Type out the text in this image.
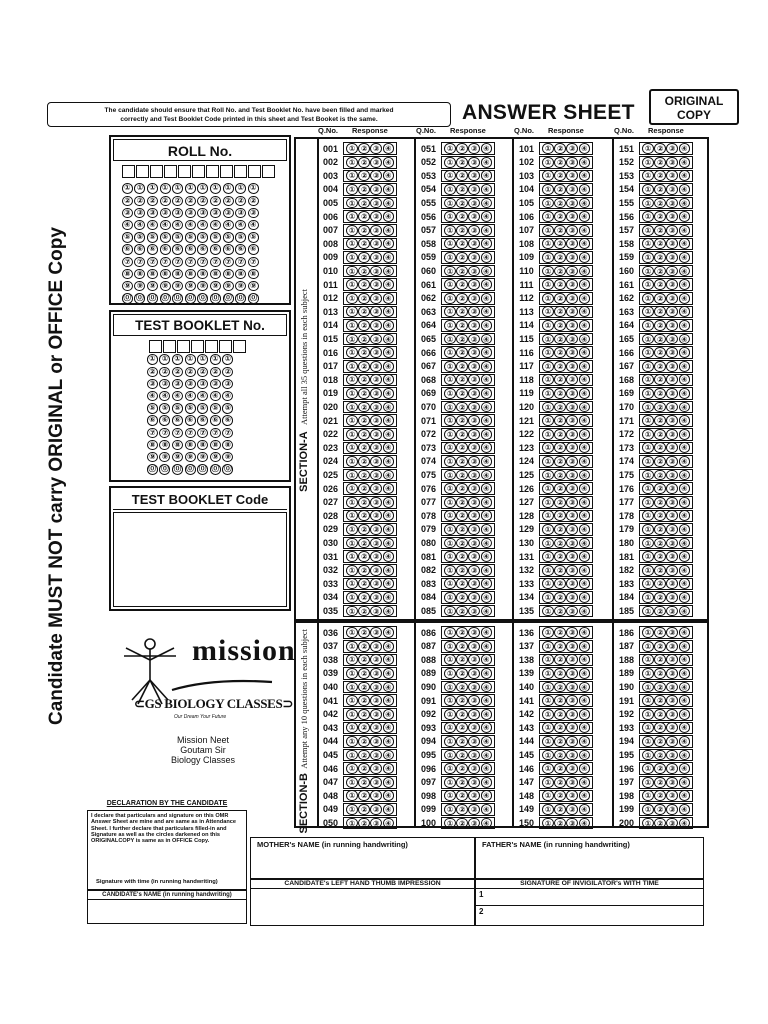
The candidate should ensure that Roll No. and Test Booklet No. have been filled and marked
correctly and Test Booklet Code printed in this sheet and Test Booket is the same.	ANSWER SHEET	ORIGINAL
COPY
Candidate MUST NOT carry ORIGINAL or OFFICE Copy
ROLL No.
① ① ① ① ① ① ① ① ① ① ①
② ② ② ② ② ② ② ② ② ② ②
③ ③ ③ ③ ③ ③ ③ ③ ③ ③ ③
④ ④ ④ ④ ④ ④ ④ ④ ④ ④ ④
⑤ ⑤ ⑤ ⑤ ⑤ ⑤ ⑤ ⑤ ⑤ ⑤ ⑤
⑥ ⑥ ⑥ ⑥ ⑥ ⑥ ⑥ ⑥ ⑥ ⑥ ⑥
⑦ ⑦ ⑦ ⑦ ⑦ ⑦ ⑦ ⑦ ⑦ ⑦ ⑦
⑧ ⑧ ⑧ ⑧ ⑧ ⑧ ⑧ ⑧ ⑧ ⑧ ⑧
⑨ ⑨ ⑨ ⑨ ⑨ ⑨ ⑨ ⑨ ⑨ ⑨ ⑨
⓪ ⓪ ⓪ ⓪ ⓪ ⓪ ⓪ ⓪ ⓪ ⓪ ⓪
TEST BOOKLET No.
① ① ① ① ① ① ①
② ② ② ② ② ② ②
③ ③ ③ ③ ③ ③ ③
④ ④ ④ ④ ④ ④ ④
⑤ ⑤ ⑤ ⑤ ⑤ ⑤ ⑤
⑥ ⑥ ⑥ ⑥ ⑥ ⑥ ⑥
⑦ ⑦ ⑦ ⑦ ⑦ ⑦ ⑦
⑧ ⑧ ⑧ ⑧ ⑧ ⑧ ⑧
⑨ ⑨ ⑨ ⑨ ⑨ ⑨ ⑨
⓪ ⓪ ⓪ ⓪ ⓪ ⓪ ⓪
TEST BOOKLET Code
SECTION-A   Attempt all 35 questions in each subject
001	① ② ③ ④
002	① ② ③ ④
003	① ② ③ ④
004	① ② ③ ④
005	① ② ③ ④
006	① ② ③ ④
007	① ② ③ ④
008	① ② ③ ④
009	① ② ③ ④
010	① ② ③ ④
011	① ② ③ ④
012	① ② ③ ④
013	① ② ③ ④
014	① ② ③ ④
015	① ② ③ ④
016	① ② ③ ④
017	① ② ③ ④
018	① ② ③ ④
019	① ② ③ ④
020	① ② ③ ④
021	① ② ③ ④
022	① ② ③ ④
023	① ② ③ ④
024	① ② ③ ④
025	① ② ③ ④
026	① ② ③ ④
027	① ② ③ ④
028	① ② ③ ④
029	① ② ③ ④
030	① ② ③ ④
031	① ② ③ ④
032	① ② ③ ④
033	① ② ③ ④
034	① ② ③ ④
035	① ② ③ ④
051	① ② ③ ④
052	① ② ③ ④
053	① ② ③ ④
054	① ② ③ ④
055	① ② ③ ④
056	① ② ③ ④
057	① ② ③ ④
058	① ② ③ ④
059	① ② ③ ④
060	① ② ③ ④
061	① ② ③ ④
062	① ② ③ ④
063	① ② ③ ④
064	① ② ③ ④
065	① ② ③ ④
066	① ② ③ ④
067	① ② ③ ④
068	① ② ③ ④
069	① ② ③ ④
070	① ② ③ ④
071	① ② ③ ④
072	① ② ③ ④
073	① ② ③ ④
074	① ② ③ ④
075	① ② ③ ④
076	① ② ③ ④
077	① ② ③ ④
078	① ② ③ ④
079	① ② ③ ④
080	① ② ③ ④
081	① ② ③ ④
082	① ② ③ ④
083	① ② ③ ④
084	① ② ③ ④
085	① ② ③ ④
101	① ② ③ ④
102	① ② ③ ④
103	① ② ③ ④
104	① ② ③ ④
105	① ② ③ ④
106	① ② ③ ④
107	① ② ③ ④
108	① ② ③ ④
109	① ② ③ ④
110	① ② ③ ④
111	① ② ③ ④
112	① ② ③ ④
113	① ② ③ ④
114	① ② ③ ④
115	① ② ③ ④
116	① ② ③ ④
117	① ② ③ ④
118	① ② ③ ④
119	① ② ③ ④
120	① ② ③ ④
121	① ② ③ ④
122	① ② ③ ④
123	① ② ③ ④
124	① ② ③ ④
125	① ② ③ ④
126	① ② ③ ④
127	① ② ③ ④
128	① ② ③ ④
129	① ② ③ ④
130	① ② ③ ④
131	① ② ③ ④
132	① ② ③ ④
133	① ② ③ ④
134	① ② ③ ④
135	① ② ③ ④
151	① ② ③ ④
152	① ② ③ ④
153	① ② ③ ④
154	① ② ③ ④
155	① ② ③ ④
156	① ② ③ ④
157	① ② ③ ④
158	① ② ③ ④
159	① ② ③ ④
160	① ② ③ ④
161	① ② ③ ④
162	① ② ③ ④
163	① ② ③ ④
164	① ② ③ ④
165	① ② ③ ④
166	① ② ③ ④
167	① ② ③ ④
168	① ② ③ ④
169	① ② ③ ④
170	① ② ③ ④
171	① ② ③ ④
172	① ② ③ ④
173	① ② ③ ④
174	① ② ③ ④
175	① ② ③ ④
176	① ② ③ ④
177	① ② ③ ④
178	① ② ③ ④
179	① ② ③ ④
180	① ② ③ ④
181	① ② ③ ④
182	① ② ③ ④
183	① ② ③ ④
184	① ② ③ ④
185	① ② ③ ④
SECTION-B  Attempt any 10 questions in each subject	036	① ② ③ ④
037	① ② ③ ④
038	① ② ③ ④
039	① ② ③ ④
040	① ② ③ ④
041	① ② ③ ④
042	① ② ③ ④
043	① ② ③ ④
044	① ② ③ ④
045	① ② ③ ④
046	① ② ③ ④
047	① ② ③ ④
048	① ② ③ ④
049	① ② ③ ④
050	① ② ③ ④
086	① ② ③ ④
087	① ② ③ ④
088	① ② ③ ④
089	① ② ③ ④
090	① ② ③ ④
091	① ② ③ ④
092	① ② ③ ④
093	① ② ③ ④
094	① ② ③ ④
095	① ② ③ ④
096	① ② ③ ④
097	① ② ③ ④
098	① ② ③ ④
099	① ② ③ ④
100	① ② ③ ④
136	① ② ③ ④
137	① ② ③ ④
138	① ② ③ ④
139	① ② ③ ④
140	① ② ③ ④
141	① ② ③ ④
142	① ② ③ ④
143	① ② ③ ④
144	① ② ③ ④
145	① ② ③ ④
146	① ② ③ ④
147	① ② ③ ④
148	① ② ③ ④
149	① ② ③ ④
150	① ② ③ ④
186	① ② ③ ④
187	① ② ③ ④
188	① ② ③ ④
189	① ② ③ ④
190	① ② ③ ④
191	① ② ③ ④
192	① ② ③ ④
193	① ② ③ ④
194	① ② ③ ④
195	① ② ③ ④
196	① ② ③ ④
197	① ② ③ ④
198	① ② ③ ④
199	① ② ③ ④
200	① ② ③ ④
Q.No. Response	Q.No. Response	Q.No. Response	Q.No. Response
mission
⊂GS BIOLOGY CLASSES⊃
Our Dream Your Future
Mission Neet
Goutam Sir
Biology Classes
DECLARATION BY THE CANDIDATE
I declare that particulars and signature on this OMR Answer Sheet are mine and are same as in Attendance Sheet. I further declare that particulars filled-in and Signature as well as the circles darkened on this ORIGINALCOPY is same as in OFFICE Copy.
Signature with time (in running handwriting)
CANDIDATE's NAME (in running handwriting)
MOTHER's NAME (in running handwriting)	FATHER's NAME (in running handwriting)
CANDIDATE's LEFT HAND THUMB IMPRESSION	SIGNATURE OF INVIGILATOR's WITH TIME
1
2
